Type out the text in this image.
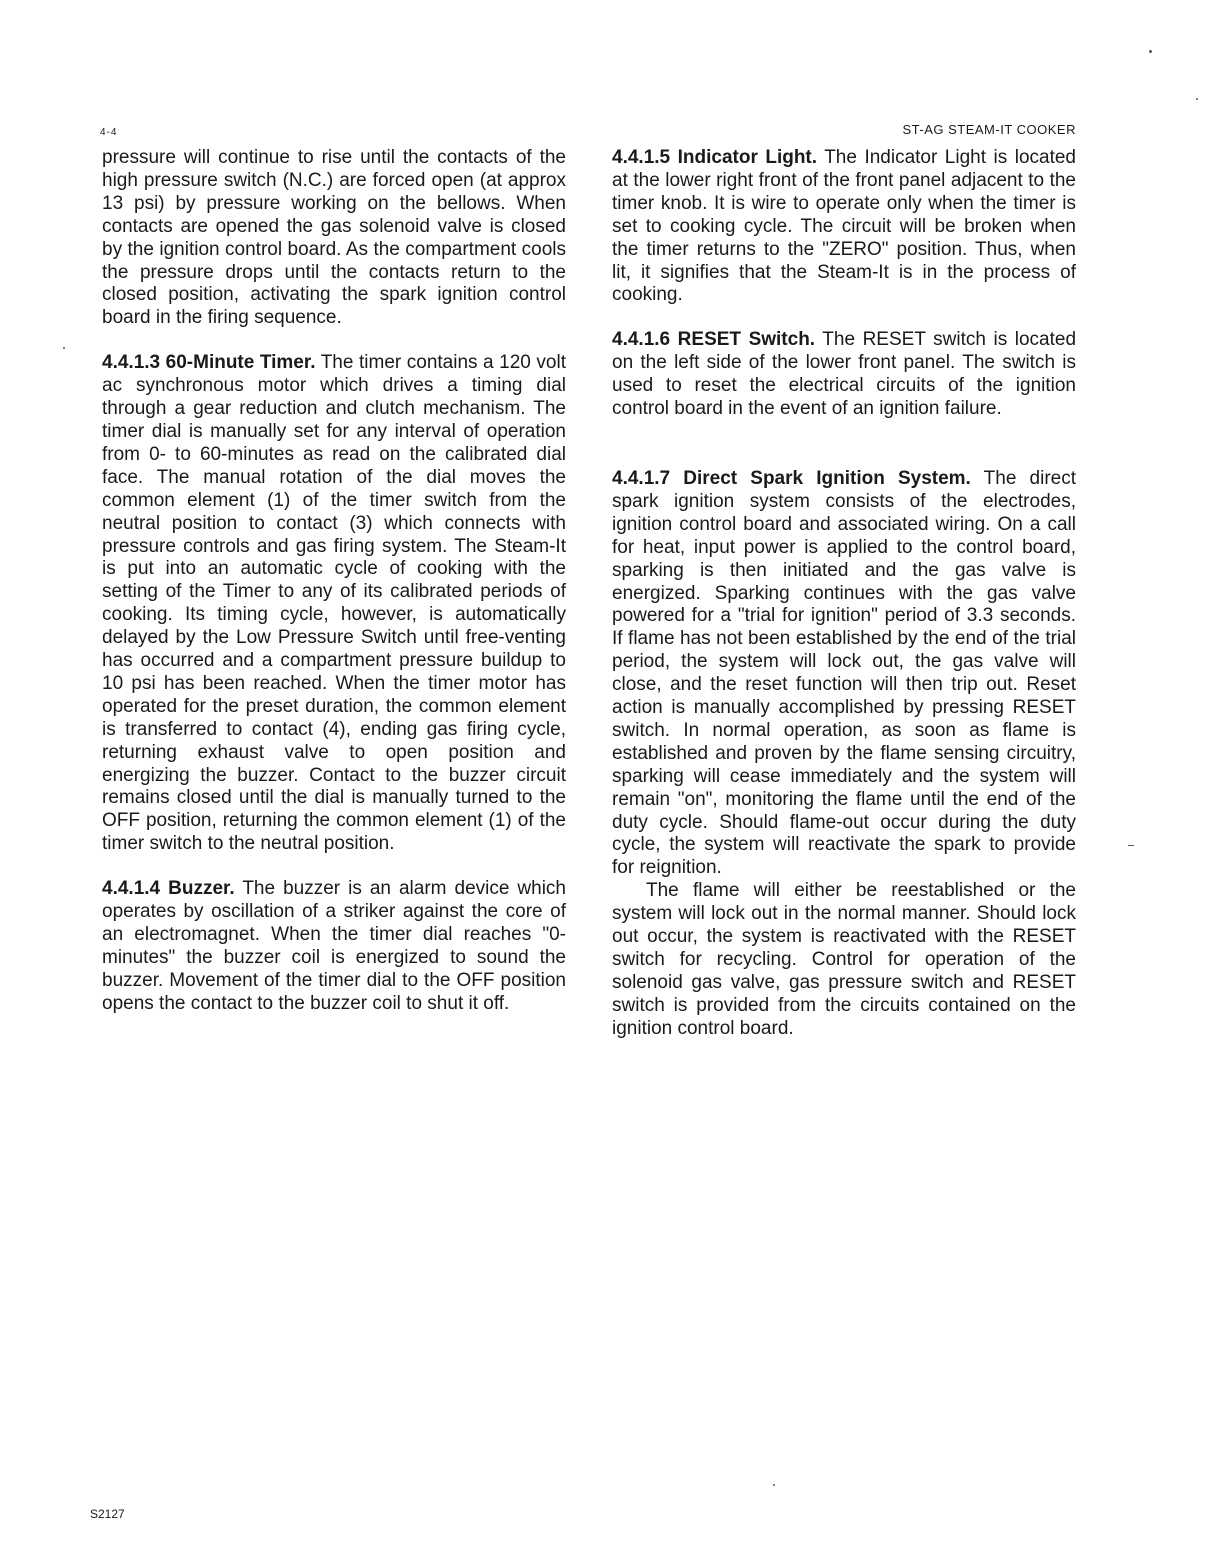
4-4	ST-AG STEAM-IT COOKER

pressure will continue to rise until the contacts of the high pressure switch (N.C.) are forced open (at approx 13 psi) by pressure working on the bellows. When contacts are opened the gas solenoid valve is closed by the ignition control board. As the compartment cools the pressure drops until the contacts return to the closed position, activating the spark ignition control board in the firing sequence.

4.4.1.3 60-Minute Timer. The timer contains a 120 volt ac synchronous motor which drives a timing dial through a gear reduction and clutch mechanism. The timer dial is manually set for any interval of operation from 0- to 60-minutes as read on the calibrated dial face. The manual rotation of the dial moves the common element (1) of the timer switch from the neutral position to contact (3) which connects with pressure controls and gas firing system. The Steam-It is put into an automatic cycle of cooking with the setting of the Timer to any of its calibrated periods of cooking. Its timing cycle, however, is automatically delayed by the Low Pressure Switch until free-venting has occurred and a compartment pressure buildup to 10 psi has been reached. When the timer motor has operated for the preset duration, the common element is transferred to contact (4), ending gas firing cycle, returning exhaust valve to open position and energizing the buzzer. Contact to the buzzer circuit remains closed until the dial is manually turned to the OFF position, returning the common element (1) of the timer switch to the neutral position.

4.4.1.4 Buzzer. The buzzer is an alarm device which operates by oscillation of a striker against the core of an electromagnet. When the timer dial reaches "0-minutes" the buzzer coil is energized to sound the buzzer. Movement of the timer dial to the OFF position opens the contact to the buzzer coil to shut it off.

4.4.1.5 Indicator Light. The Indicator Light is located at the lower right front of the front panel adjacent to the timer knob. It is wire to operate only when the timer is set to cooking cycle. The circuit will be broken when the timer returns to the "ZERO" position. Thus, when lit, it signifies that the Steam-It is in the process of cooking.

4.4.1.6 RESET Switch. The RESET switch is located on the left side of the lower front panel. The switch is used to reset the electrical circuits of the ignition control board in the event of an ignition failure.

4.4.1.7 Direct Spark Ignition System. The direct spark ignition system consists of the electrodes, ignition control board and associated wiring. On a call for heat, input power is applied to the control board, sparking is then initiated and the gas valve is energized. Sparking continues with the gas valve powered for a "trial for ignition" period of 3.3 seconds. If flame has not been established by the end of the trial period, the system will lock out, the gas valve will close, and the reset function will then trip out. Reset action is manually accomplished by pressing RESET switch. In normal operation, as soon as flame is established and proven by the flame sensing circuitry, sparking will cease immediately and the system will remain "on", monitoring the flame until the end of the duty cycle. Should flame-out occur during the duty cycle, the system will reactivate the spark to provide for reignition.

The flame will either be reestablished or the system will lock out in the normal manner. Should lock out occur, the system is reactivated with the RESET switch for recycling. Control for operation of the solenoid gas valve, gas pressure switch and RESET switch is provided from the circuits contained on the ignition control board.

S2127
